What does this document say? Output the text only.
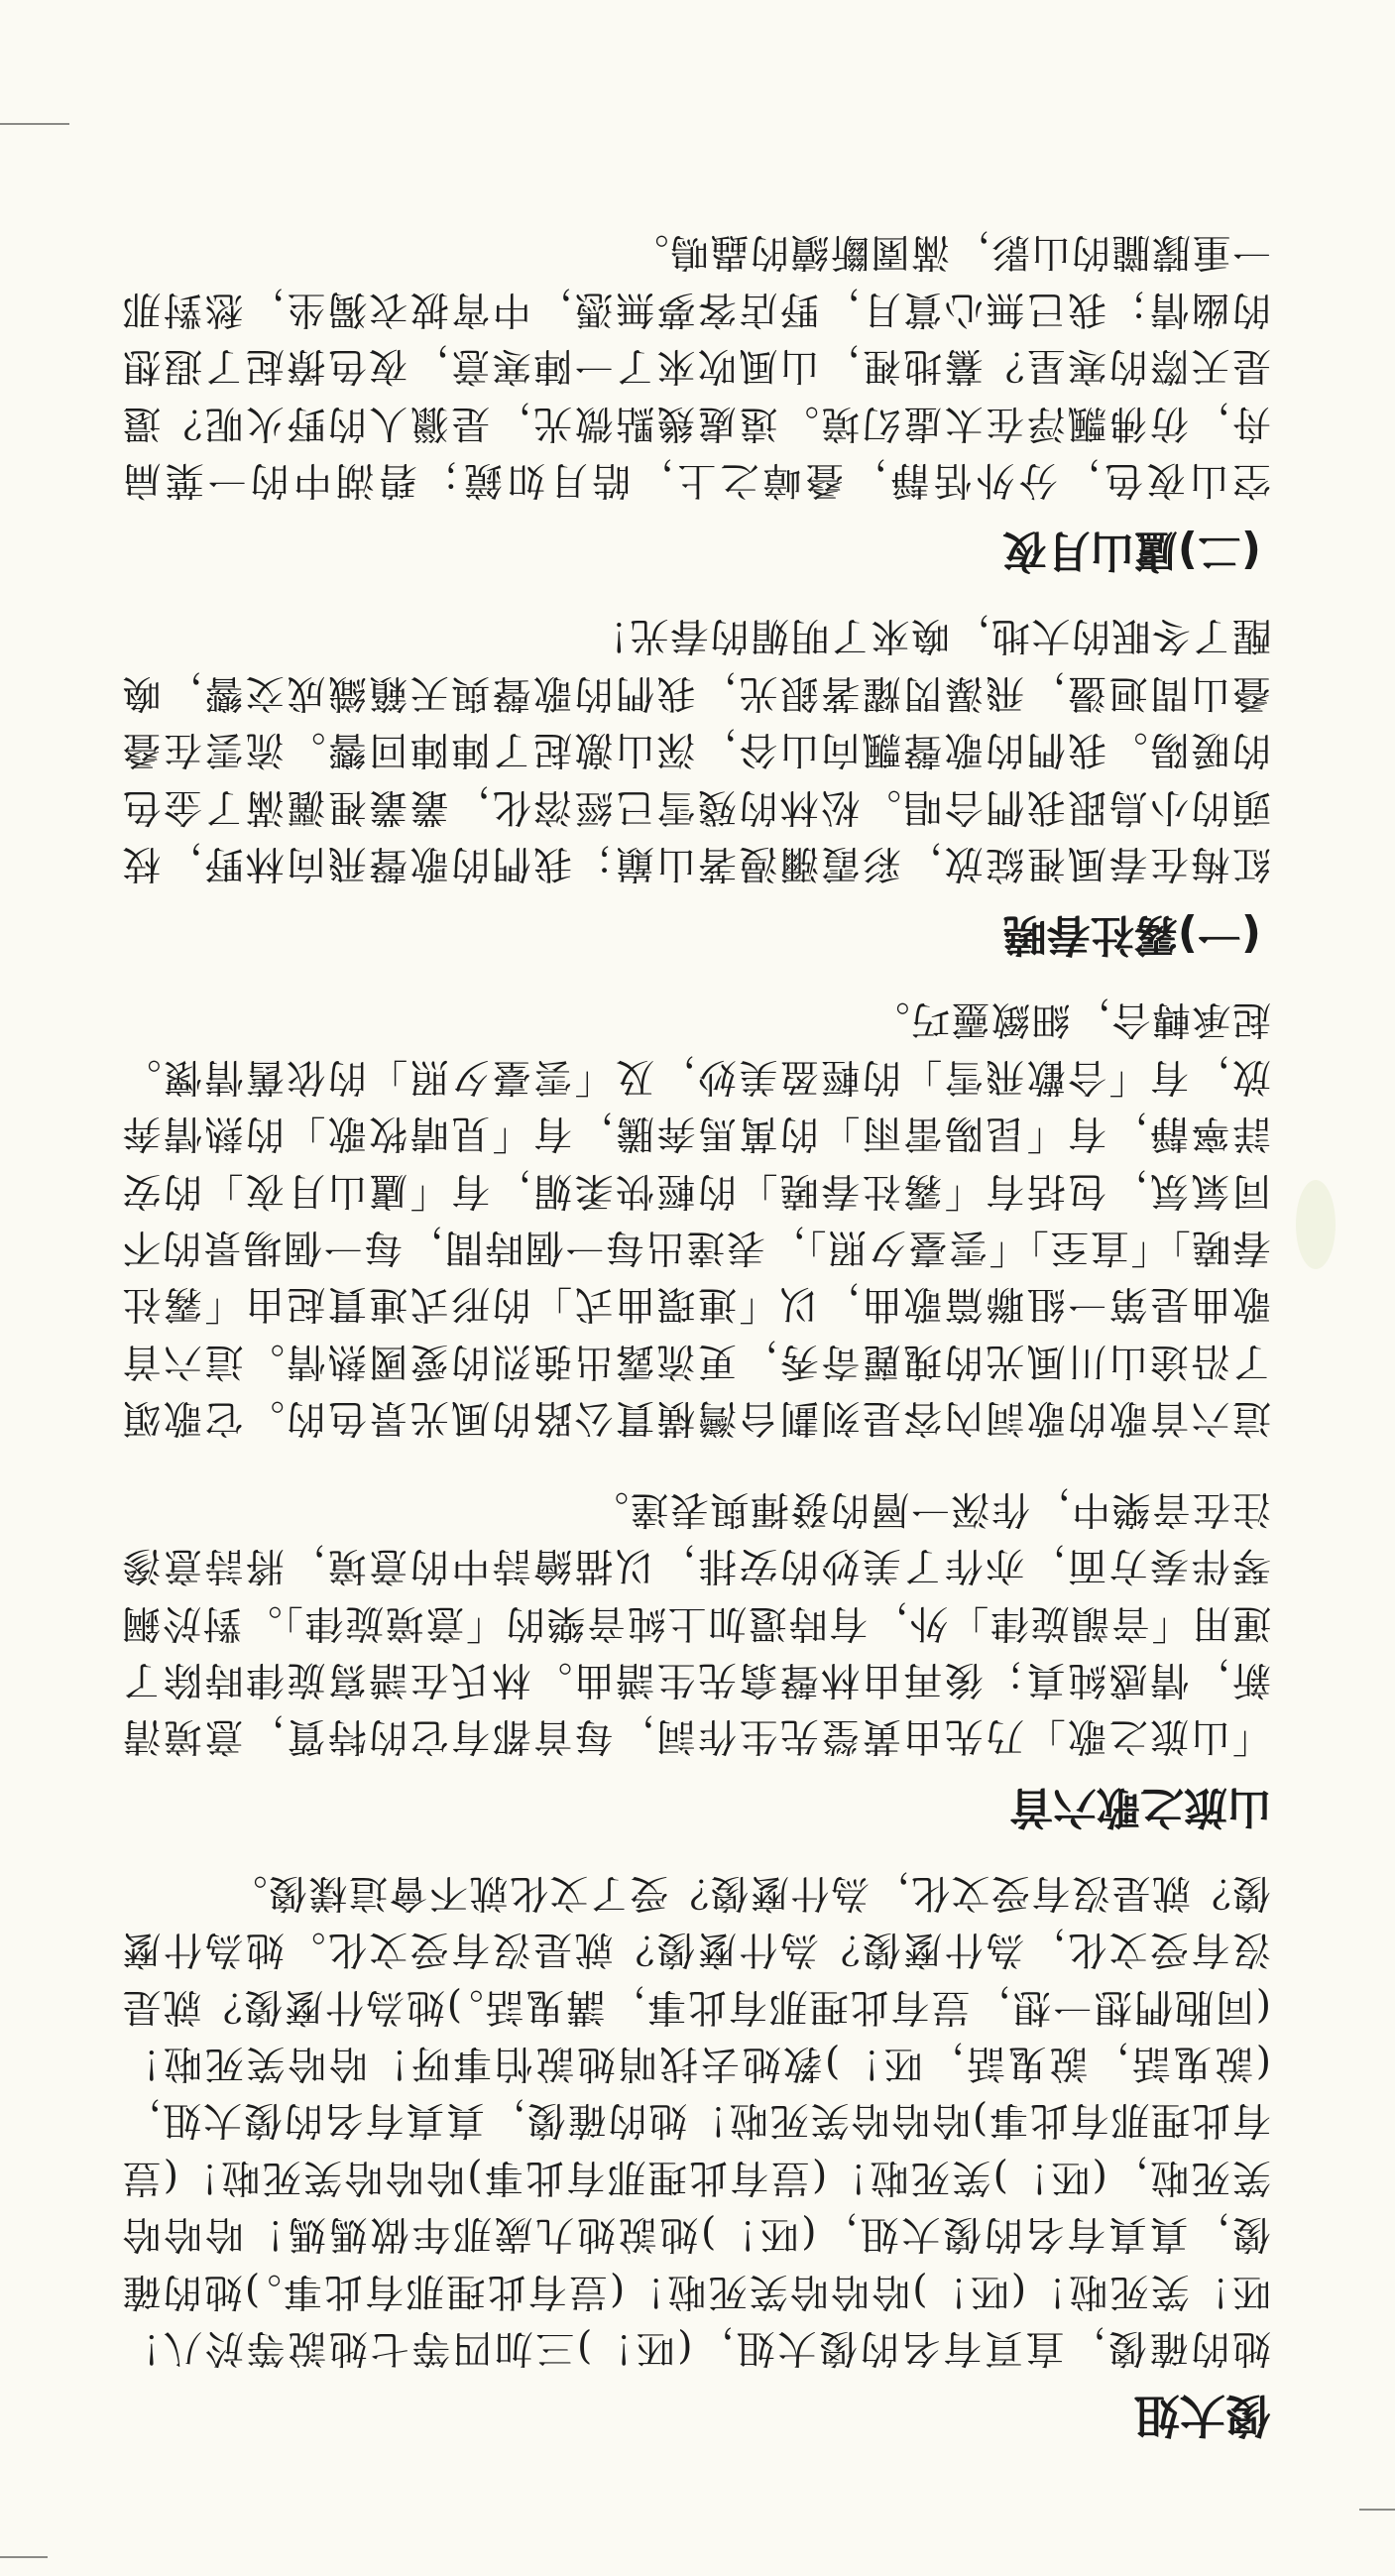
傻大姐

她的確傻，直頁有名的傻大姐，(呸！)三加四等七她說等於八！呸！笑死啦！(呸！)哈哈哈笑死啦！(豈有此理那有此事。)她的確傻，真真有名的傻大姐，(呸！)她說她九歲那年做媽媽！哈哈哈笑死啦，(呸！)笑死啦！(豈有此理那有此事)哈哈哈笑死啦！(豈有此理那有此事)哈哈哈笑死啦！她的確傻，真真有名的傻大姐，(說鬼話，說鬼話，呸！)教她去找哨她說怕事呀！哈哈笑死啦！(同胞們想一想，豈有此理那有此事，講鬼話。)她為什麼傻？就是沒有受文化，為什麼傻？為什麼傻？就是沒有受文化。她為什麼傻？就是沒有受文化，為什麼傻？受了文化就不會這樣傻。

山旅之歌六首

「山旅之歌」乃先由黃瑩先生作詞，每首都有它的特質，意境清新，情感純真；後再由林聲翕先生譜曲。林氏在譜寫旋律時除了運用「音韻旋律」外，有時還加上純音樂的「意境旋律」。對於鋼琴伴奏方面，亦作了美妙的安排，以描繪詩中的意境，將詩意滲注在音樂中，作深一層的發揮與表達。

這六首歌的歌詞內容是刻劃台灣橫貫公路的風光景色的。它歌頌了沿途山川風光的瑰麗奇秀，更流露出強烈的愛國熱情。這六首歌曲是第一組聯篇歌曲，以「連環曲式」的形式連貫起由「霧社春曉」「直至」「雲臺夕照」，表達出每一個時間，每一個場景的不同氣氛，包括有「霧社春曉」的輕快柔媚，有「廬山月夜」的安詳寧靜，有「昆陽雷雨」的萬馬奔騰，有「見晴牧歌」的熱情奔放，有「合歡飛雪」的輕盈美妙，及「雲臺夕照」的依舊情懷。起承轉合，細緻靈巧。

(一)霧社春曉

紅梅在春風裡綻放，彩霞瀰漫著山巔；我們的歌聲飛向林野，枝頭的小鳥跟我們合唱。松林的殘雪已經溶化，叢叢裡灑滿了金色的暖陽。我們的歌聲飄向山谷，深山激起了陣陣回響。流雲在叠叠山間迴盪，飛瀑閃耀著銀光，我們的歌聲與天籟織成交響，喚醒了冬眠的大地，喚來了明媚的春光！

(二)廬山月夜

空山夜色，分外恬靜，叠嶂之上，皓月如鏡；碧湖中的一葉扁舟，彷彿飄浮在太虛幻境。遠處幾點微光，是獵人的野火呢？還是天際的寒星？驀地裡，山風吹來了一陣寒意，夜色撩起了遐想的幽情；我已無心賞月，野店客夢無憑，中宵披衣獨坐，愁對那一重朦朧的山影，滿園斷續的蟲鳴。
